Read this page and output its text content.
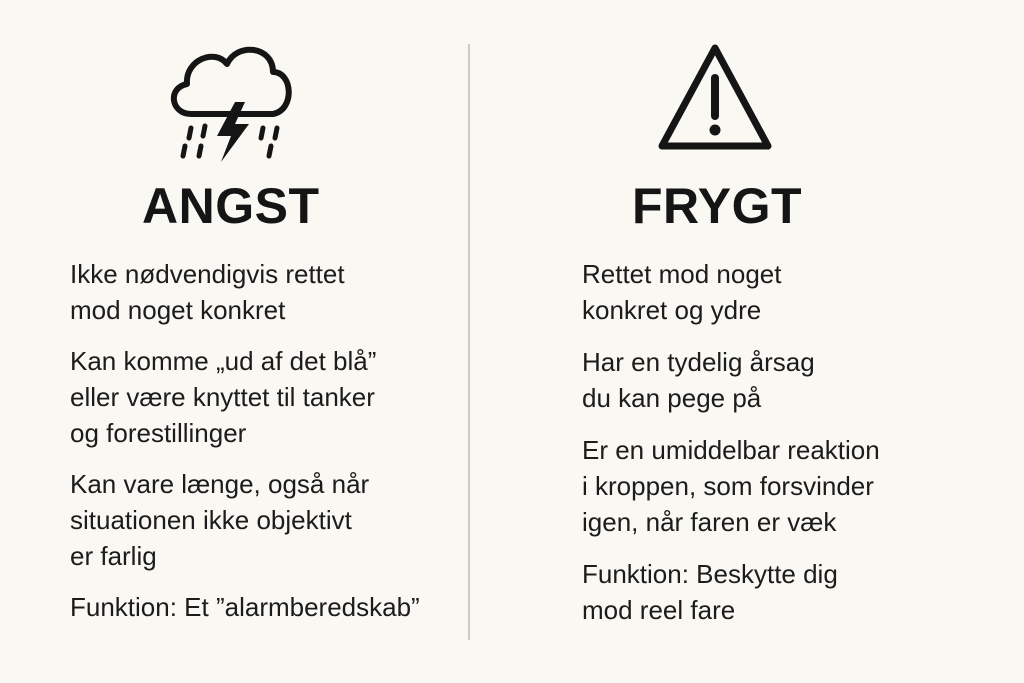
ANGST
Ikke nødvendigvis rettet
mod noget konkret
Kan komme „ud af det blå”
eller være knyttet til tanker
og forestillinger
Kan vare længe, også når
situationen ikke objektivt
er farlig
Funktion: Et ”alarmberedskab”
FRYGT
Rettet mod noget
konkret og ydre
Har en tydelig årsag
du kan pege på
Er en umiddelbar reaktion
i kroppen, som forsvinder
igen, når faren er væk
Funktion: Beskytte dig
mod reel fare
